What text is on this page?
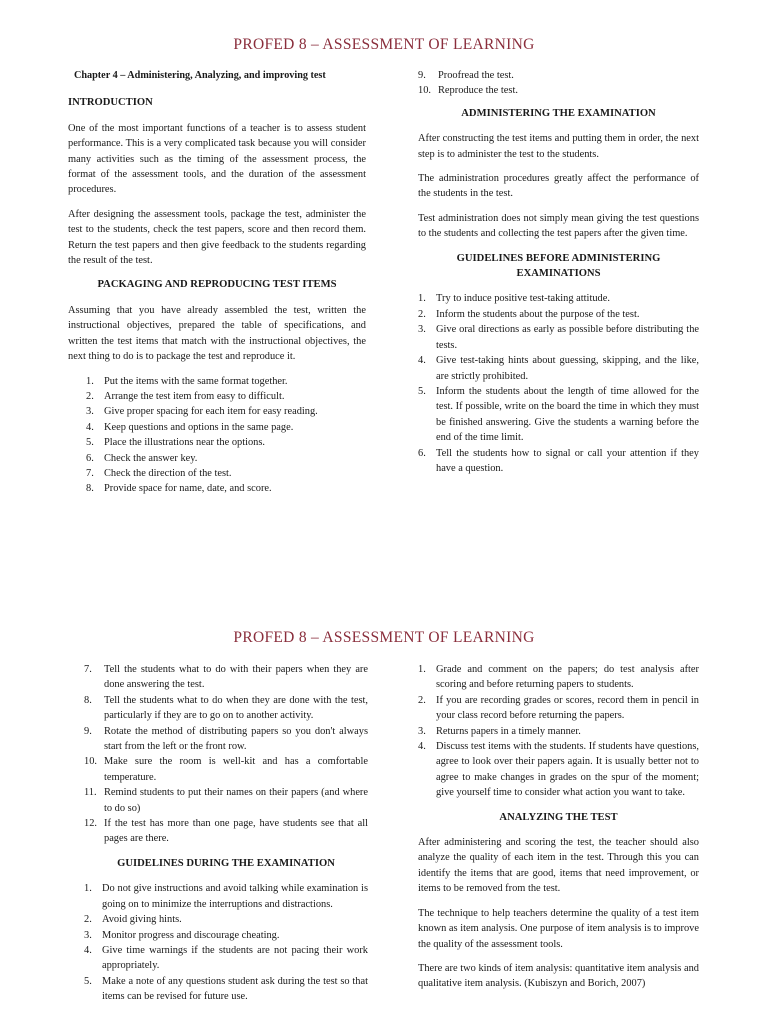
PROFED 8 – ASSESSMENT OF LEARNING
Chapter 4 – Administering, Analyzing, and improving test
INTRODUCTION
One of the most important functions of a teacher is to assess student performance. This is a very complicated task because you will consider many activities such as the timing of the assessment process, the format of the assessment tools, and the duration of the assessment procedures.
After designing the assessment tools, package the test, administer the test to the students, check the test papers, score and then record them. Return the test papers and then give feedback to the students regarding the result of the test.
PACKAGING AND REPRODUCING TEST ITEMS
Assuming that you have already assembled the test, written the instructional objectives, prepared the table of specifications, and written the test items that match with the instructional objectives, the next thing to do is to package the test and reproduce it.
1. Put the items with the same format together.
2. Arrange the test item from easy to difficult.
3. Give proper spacing for each item for easy reading.
4. Keep questions and options in the same page.
5. Place the illustrations near the options.
6. Check the answer key.
7. Check the direction of the test.
8. Provide space for name, date, and score.
9.	Proofread the test.
10. Reproduce the test.
ADMINISTERING THE EXAMINATION
After constructing the test items and putting them in order, the next step is to administer the test to the students.
The administration procedures greatly affect the performance of the students in the test.
Test administration does not simply mean giving the test questions to the students and collecting the test papers after the given time.
GUIDELINES BEFORE ADMINISTERING EXAMINATIONS
1. Try to induce positive test-taking attitude.
2. Inform the students about the purpose of the test.
3. Give oral directions as early as possible before distributing the tests.
4. Give test-taking hints about guessing, skipping, and the like, are strictly prohibited.
5. Inform the students about the length of time allowed for the test. If possible, write on the board the time in which they must be finished answering. Give the students a warning before the end of the time limit.
6. Tell the students how to signal or call your attention if they have a question.
PROFED 8 – ASSESSMENT OF LEARNING
7.	Tell the students what to do with their papers when they are done answering the test.
8.	Tell the students what to do when they are done with the test, particularly if they are to go on to another activity.
9.	Rotate the method of distributing papers so you don't always start from the left or the front row.
10. Make sure the room is well-kit and has a comfortable temperature.
11. Remind students to put their names on their papers (and where to do so)
12. If the test has more than one page, have students see that all pages are there.
GUIDELINES DURING THE EXAMINATION
1. Do not give instructions and avoid talking while examination is going on to minimize the interruptions and distractions.
2. Avoid giving hints.
3. Monitor progress and discourage cheating.
4. Give time warnings if the students are not pacing their work appropriately.
5. Make a note of any questions student ask during the test so that items can be revised for future use.
1. Grade and comment on the papers; do test analysis after scoring and before returning papers to students.
2. If you are recording grades or scores, record them in pencil in your class record before returning the papers.
3. Returns papers in a timely manner.
4. Discuss test items with the students. If students have questions, agree to look over their papers again. It is usually better not to agree to make changes in grades on the spur of the moment; give yourself time to consider what action you want to take.
ANALYZING THE TEST
After administering and scoring the test, the teacher should also analyze the quality of each item in the test. Through this you can identify the items that are good, items that need improvement, or items to be removed from the test.
The technique to help teachers determine the quality of a test item known as item analysis. One purpose of item analysis is to improve the quality of the assessment tools.
There are two kinds of item analysis: quantitative item analysis and qualitative item analysis. (Kubiszyn and Borich, 2007)
